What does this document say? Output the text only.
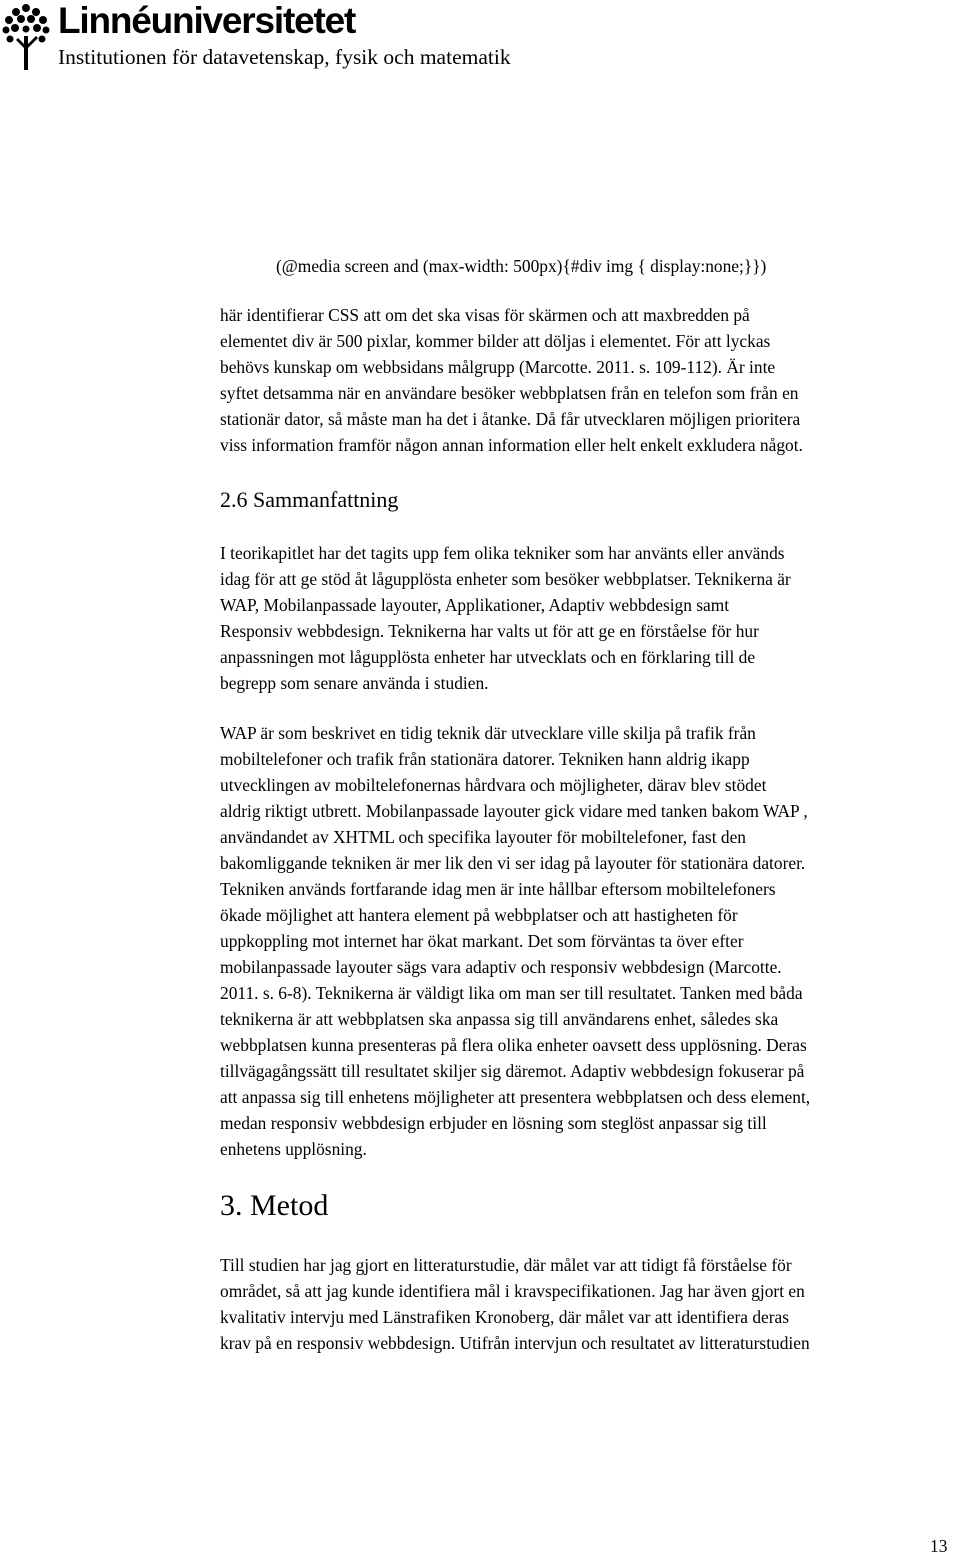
Linnéuniversitetet
Institutionen för datavetenskap, fysik och matematik
(@media screen and (max-width: 500px){#div img { display:none;}})
här identifierar CSS att om det ska visas för skärmen och att maxbredden på
elementet div är 500 pixlar, kommer bilder att döljas i elementet. För att lyckas
behövs kunskap om webbsidans målgrupp (Marcotte. 2011. s. 109-112). Är inte
syftet detsamma när en användare besöker webbplatsen från en telefon som från en
stationär dator, så måste man ha det i åtanke. Då får utvecklaren möjligen prioritera
viss information framför någon annan information eller helt enkelt exkludera något.
2.6 Sammanfattning
I teorikapitlet har det tagits upp fem olika tekniker som har använts eller används
idag för att ge stöd åt lågupplösta enheter som besöker webbplatser. Teknikerna är
WAP, Mobilanpassade layouter, Applikationer, Adaptiv webbdesign samt
Responsiv webbdesign. Teknikerna har valts ut för att ge en förståelse för hur
anpassningen mot lågupplösta enheter har utvecklats och en förklaring till de
begrepp som senare använda i studien.
WAP är som beskrivet en tidig teknik där utvecklare ville skilja på trafik från
mobiltelefoner och trafik från stationära datorer. Tekniken hann aldrig ikapp
utvecklingen av mobiltelefonernas hårdvara och möjligheter, därav blev stödet
aldrig riktigt utbrett. Mobilanpassade layouter gick vidare med tanken bakom WAP ,
användandet av XHTML och specifika layouter för mobiltelefoner, fast den
bakomliggande tekniken är mer lik den vi ser idag på layouter för stationära datorer.
Tekniken används fortfarande idag men är inte hållbar eftersom mobiltelefoners
ökade möjlighet att hantera element på webbplatser och att hastigheten för
uppkoppling mot internet har ökat markant. Det som förväntas ta över efter
mobilanpassade layouter sägs vara adaptiv och responsiv webbdesign (Marcotte.
2011. s. 6-8). Teknikerna är väldigt lika om man ser till resultatet. Tanken med båda
teknikerna är att webbplatsen ska anpassa sig till användarens enhet, således ska
webbplatsen kunna presenteras på flera olika enheter oavsett dess upplösning. Deras
tillvägagångssätt till resultatet skiljer sig däremot. Adaptiv webbdesign fokuserar på
att anpassa sig till enhetens möjligheter att presentera webbplatsen och dess element,
medan responsiv webbdesign erbjuder en lösning som steglöst anpassar sig till
enhetens upplösning.
3. Metod
Till studien har jag gjort en litteraturstudie, där målet var att tidigt få förståelse för
området, så att jag kunde identifiera mål i kravspecifikationen. Jag har även gjort en
kvalitativ intervju med Länstrafiken Kronoberg, där målet var att identifiera deras
krav på en responsiv webbdesign. Utifrån intervjun och resultatet av litteraturstudien
13
